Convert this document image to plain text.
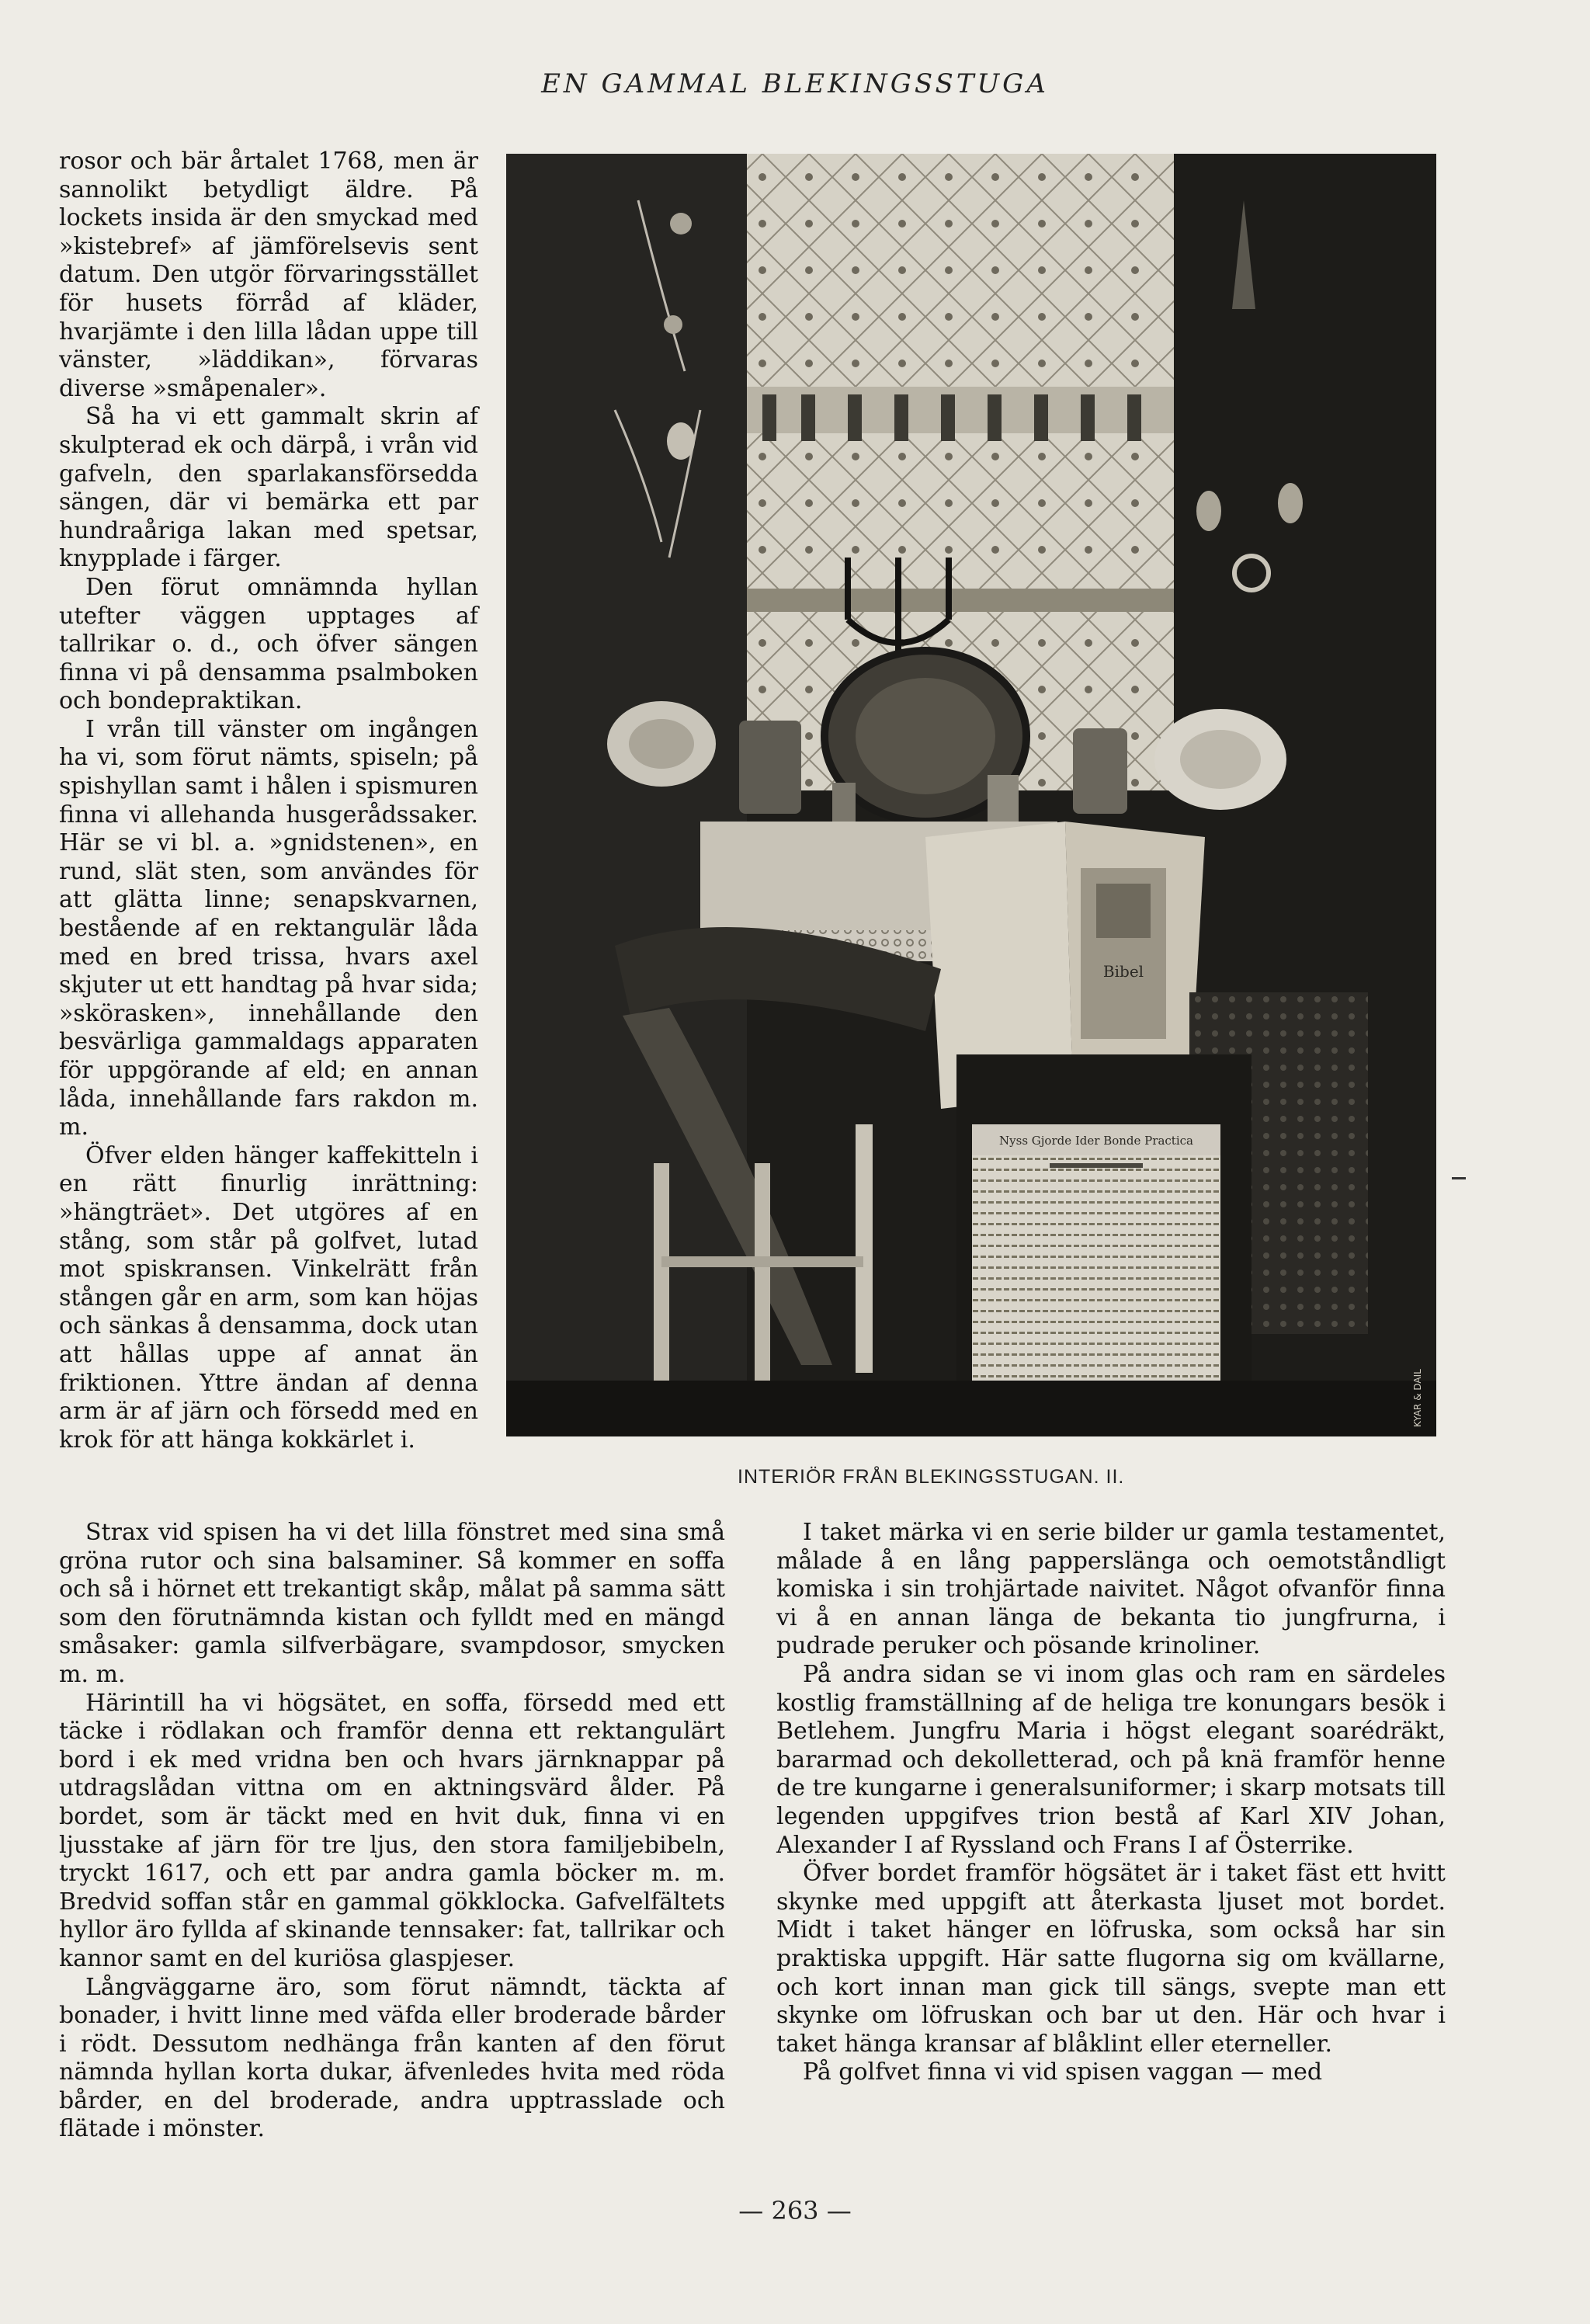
EN GAMMAL BLEKINGSSTUGA

rosor och bär årtalet 1768, men är sannolikt betydligt äldre. På lockets insida är den smyckad med »kistebref» af jämförelsevis sent datum. Den utgör förvaringsstället för husets förråd af kläder, hvarjämte i den lilla lådan uppe till vänster, »läddikan», förvaras diverse »småpenaler».

Så ha vi ett gammalt skrin af skulpterad ek och därpå, i vrån vid gafveln, den sparlakansförsedda sängen, där vi bemärka ett par hundraåriga lakan med spetsar, knypplade i färger.

Den förut omnämnda hyllan utefter väggen upptages af tallrikar o. d., och öfver sängen finna vi på densamma psalmboken och bondepraktikan.

I vrån till vänster om ingången ha vi, som förut nämts, spiseln; på spishyllan samt i hålen i spismuren finna vi allehanda husgerådssaker. Här se vi bl. a. »gnidstenen», en rund, slät sten, som användes för att glätta linne; senapskvarnen, bestående af en rektangulär låda med en bred trissa, hvars axel skjuter ut ett handtag på hvar sida; »skörasken», innehållande den besvärliga gammaldags apparaten för uppgörande af eld; en annan låda, innehållande fars rakdon m. m.

Öfver elden hänger kaffekitteln i en rätt finurlig inrättning: »hängträet». Det utgöres af en stång, som står på golfvet, lutad mot spiskransen. Vinkelrätt från stången går en arm, som kan höjas och sänkas å densamma, dock utan att hållas uppe af annat än friktionen. Yttre ändan af denna arm är af järn och försedd med en krok för att hänga kokkärlet i.

Bibel
Nyss Gjorde Ider Bonde Practica
KYAR & DAIL
INTERIÖR FRÅN BLEKINGSSTUGAN. II.

Strax vid spisen ha vi det lilla fönstret med sina små gröna rutor och sina balsaminer. Så kommer en soffa och så i hörnet ett trekantigt skåp, målat på samma sätt som den förutnämnda kistan och fylldt med en mängd småsaker: gamla silfverbägare, svampdosor, smycken m. m.

Härintill ha vi högsätet, en soffa, försedd med ett täcke i rödlakan och framför denna ett rektangulärt bord i ek med vridna ben och hvars järnknappar på utdragslådan vittna om en aktningsvärd ålder. På bordet, som är täckt med en hvit duk, finna vi en ljusstake af järn för tre ljus, den stora familjebibeln, tryckt 1617, och ett par andra gamla böcker m. m. Bredvid soffan står en gammal gökklocka. Gafvelfältets hyllor äro fyllda af skinande tennsaker: fat, tallrikar och kannor samt en del kuriösa glaspjeser.

Långväggarne äro, som förut nämndt, täckta af bonader, i hvitt linne med väfda eller broderade bårder i rödt. Dessutom nedhänga från kanten af den förut nämnda hyllan korta dukar, äfvenledes hvita med röda bårder, en del broderade, andra upptrasslade och flätade i mönster.

I taket märka vi en serie bilder ur gamla testamentet, målade å en lång papperslänga och oemotståndligt komiska i sin trohjärtade naivitet. Något ofvanför finna vi å en annan länga de bekanta tio jungfrurna, i pudrade peruker och pösande krinoliner.

På andra sidan se vi inom glas och ram en särdeles kostlig framställning af de heliga tre konungars besök i Betlehem. Jungfru Maria i högst elegant soarédräkt, bararmad och dekolletterad, och på knä framför henne de tre kungarne i generalsuniformer; i skarp motsats till legenden uppgifves trion bestå af Karl XIV Johan, Alexander I af Ryssland och Frans I af Österrike.

Öfver bordet framför högsätet är i taket fäst ett hvitt skynke med uppgift att återkasta ljuset mot bordet. Midt i taket hänger en löfruska, som också har sin praktiska uppgift. Här satte flugorna sig om kvällarne, och kort innan man gick till sängs, svepte man ett skynke om löfruskan och bar ut den. Här och hvar i taket hänga kransar af blåklint eller eterneller.

På golfvet finna vi vid spisen vaggan — med

— 263 —
